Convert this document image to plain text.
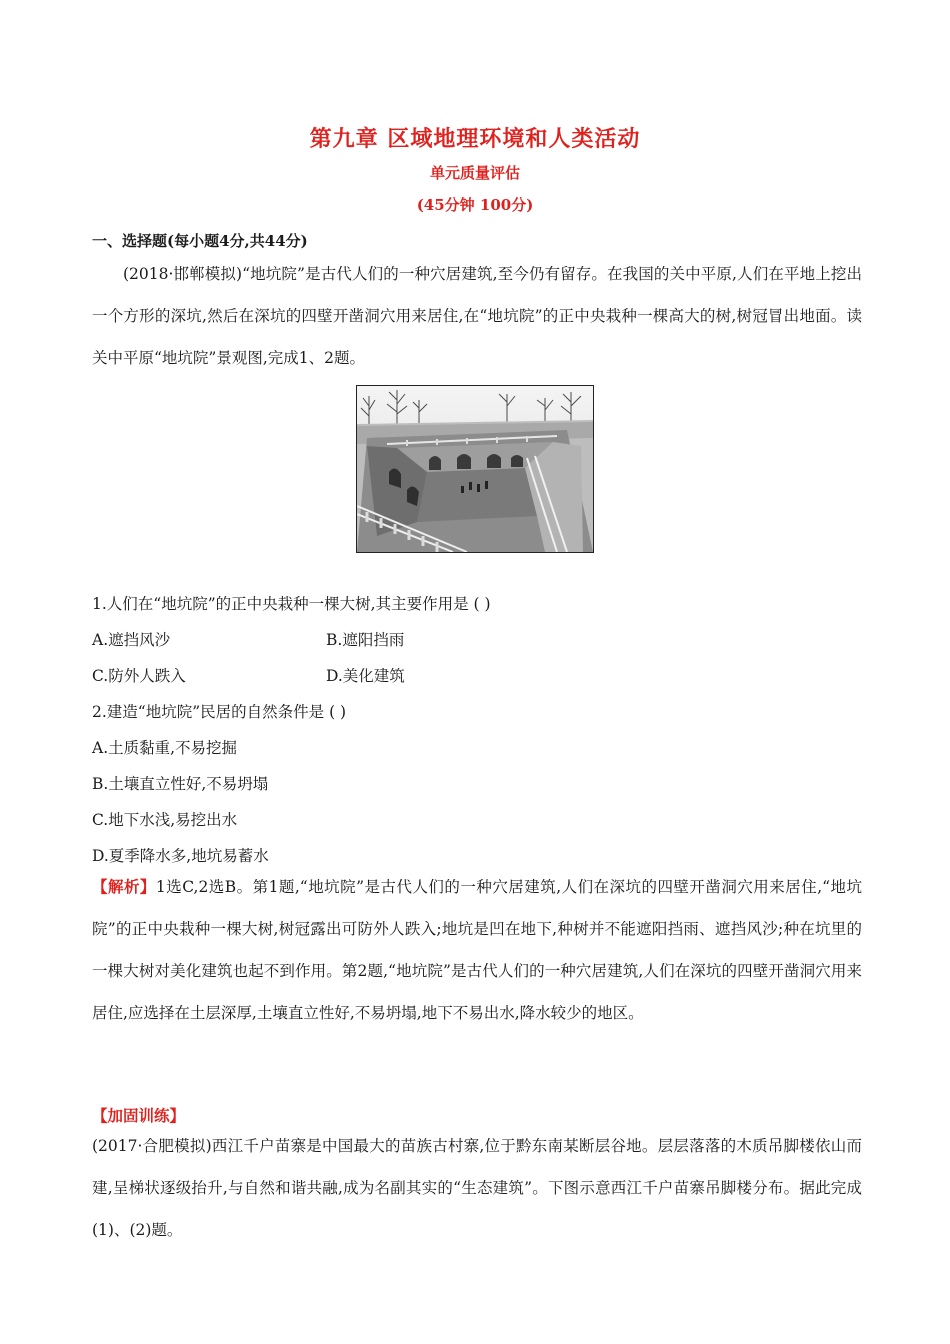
第九章 区域地理环境和人类活动
单元质量评估
(45分钟 100分)
一、选择题(每小题4分,共44分)
(2018·邯郸模拟)“地坑院”是古代人们的一种穴居建筑,至今仍有留存。在我国的关中平原,人们在平地上挖出一个方形的深坑,然后在深坑的四壁开凿洞穴用来居住,在“地坑院”的正中央栽种一棵高大的树,树冠冒出地面。读关中平原“地坑院”景观图,完成1、2题。
1.人们在“地坑院”的正中央栽种一棵大树,其主要作用是 ( )
A.遮挡风沙	B.遮阳挡雨
C.防外人跌入	D.美化建筑
2.建造“地坑院”民居的自然条件是 ( )
A.土质黏重,不易挖掘
B.土壤直立性好,不易坍塌
C.地下水浅,易挖出水
D.夏季降水多,地坑易蓄水
【解析】1选C,2选B。第1题,“地坑院”是古代人们的一种穴居建筑,人们在深坑的四壁开凿洞穴用来居住,“地坑院”的正中央栽种一棵大树,树冠露出可防外人跌入;地坑是凹在地下,种树并不能遮阳挡雨、遮挡风沙;种在坑里的一棵大树对美化建筑也起不到作用。第2题,“地坑院”是古代人们的一种穴居建筑,人们在深坑的四壁开凿洞穴用来居住,应选择在土层深厚,土壤直立性好,不易坍塌,地下不易出水,降水较少的地区。
【加固训练】
(2017·合肥模拟)西江千户苗寨是中国最大的苗族古村寨,位于黔东南某断层谷地。层层落落的木质吊脚楼依山而建,呈梯状逐级抬升,与自然和谐共融,成为名副其实的“生态建筑”。下图示意西江千户苗寨吊脚楼分布。据此完成(1)、(2)题。
